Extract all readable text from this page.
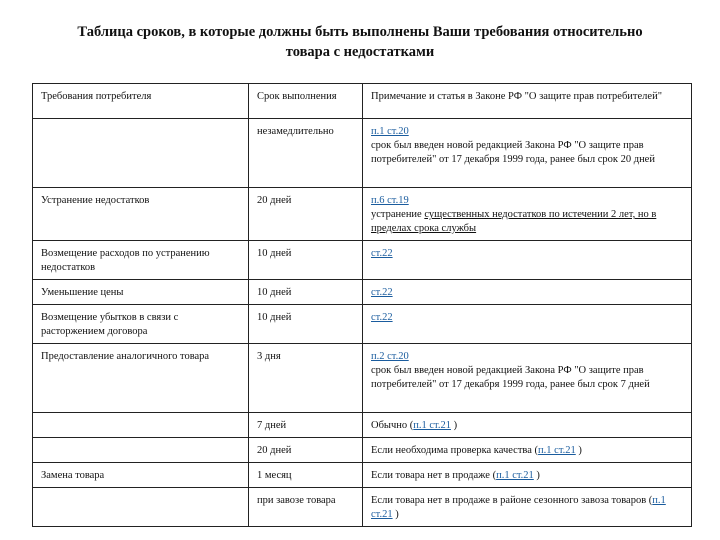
Таблица сроков, в которые должны быть выполнены Ваши требования относительно
товара с недостатками
Требования потребителя	Срок выполнения	Примечание и статья в Законе РФ "О защите прав потребителей"
	незамедлительно	п.1 ст.20
срок был введен новой редакцией Закона РФ "О защите прав потребителей" от 17 декабря 1999 года, ранее был срок 20 дней
Устранение недостатков	20 дней	п.6 ст.19
устранение существенных недостатков по истечении 2 лет, но в пределах срока службы
Возмещение расходов по устранению недостатков	10 дней	ст.22
Уменьшение цены	10 дней	ст.22
Возмещение убытков в связи с расторжением договора	10 дней	ст.22
Предоставление аналогичного товара	3 дня	п.2 ст.20
срок был введен новой редакцией Закона РФ "О защите прав потребителей" от 17 декабря 1999 года, ранее был срок 7 дней
	7 дней	Обычно (п.1 ст.21 )
	20 дней	Если необходима проверка качества (п.1 ст.21 )
Замена товара	1 месяц	Если товара нет в продаже (п.1 ст.21 )
	при завозе товара	Если товара нет в продаже в районе сезонного завоза товаров (п.1 ст.21 )
